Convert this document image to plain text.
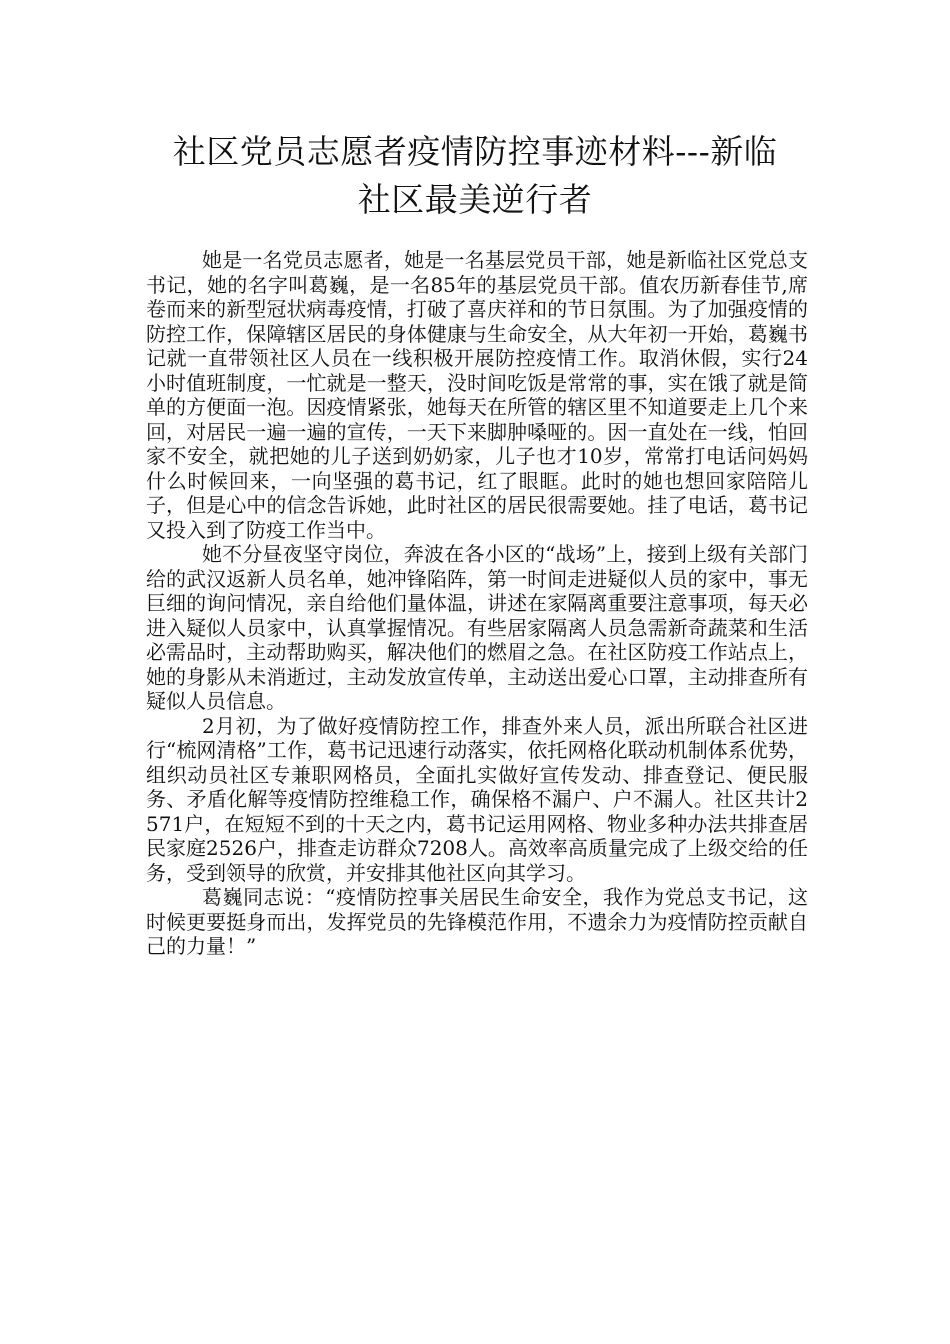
社区党员志愿者疫情防控事迹材料---新临
社区最美逆行者

她是一名党员志愿者，她是一名基层党员干部，她是新临社区党总支书记，她的名字叫葛巍，是一名85年的基层党员干部。值农历新春佳节,席卷而来的新型冠状病毒疫情，打破了喜庆祥和的节日氛围。为了加强疫情的防控工作，保障辖区居民的身体健康与生命安全，从大年初一开始，葛巍书记就一直带领社区人员在一线积极开展防控疫情工作。取消休假，实行24小时值班制度，一忙就是一整天，没时间吃饭是常常的事，实在饿了就是简单的方便面一泡。因疫情紧张，她每天在所管的辖区里不知道要走上几个来回，对居民一遍一遍的宣传，一天下来脚肿嗓哑的。因一直处在一线，怕回家不安全，就把她的儿子送到奶奶家，儿子也才10岁，常常打电话问妈妈什么时候回来，一向坚强的葛书记，红了眼眶。此时的她也想回家陪陪儿子，但是心中的信念告诉她，此时社区的居民很需要她。挂了电话，葛书记又投入到了防疫工作当中。

她不分昼夜坚守岗位，奔波在各小区的“战场”上，接到上级有关部门给的武汉返新人员名单，她冲锋陷阵，第一时间走进疑似人员的家中，事无巨细的询问情况，亲自给他们量体温，讲述在家隔离重要注意事项，每天必进入疑似人员家中，认真掌握情况。有些居家隔离人员急需新奇蔬菜和生活必需品时，主动帮助购买，解决他们的燃眉之急。在社区防疫工作站点上，她的身影从未消逝过，主动发放宣传单，主动送出爱心口罩，主动排查所有疑似人员信息。

2月初，为了做好疫情防控工作，排查外来人员，派出所联合社区进行“梳网清格”工作，葛书记迅速行动落实，依托网格化联动机制体系优势，组织动员社区专兼职网格员，全面扎实做好宣传发动、排查登记、便民服务、矛盾化解等疫情防控维稳工作，确保格不漏户、户不漏人。社区共计2571户，在短短不到的十天之内，葛书记运用网格、物业多种办法共排查居民家庭2526户，排查走访群众7208人。高效率高质量完成了上级交给的任务，受到领导的欣赏，并安排其他社区向其学习。

葛巍同志说：“疫情防控事关居民生命安全，我作为党总支书记，这时候更要挺身而出，发挥党员的先锋模范作用，不遗余力为疫情防控贡献自己的力量！”
